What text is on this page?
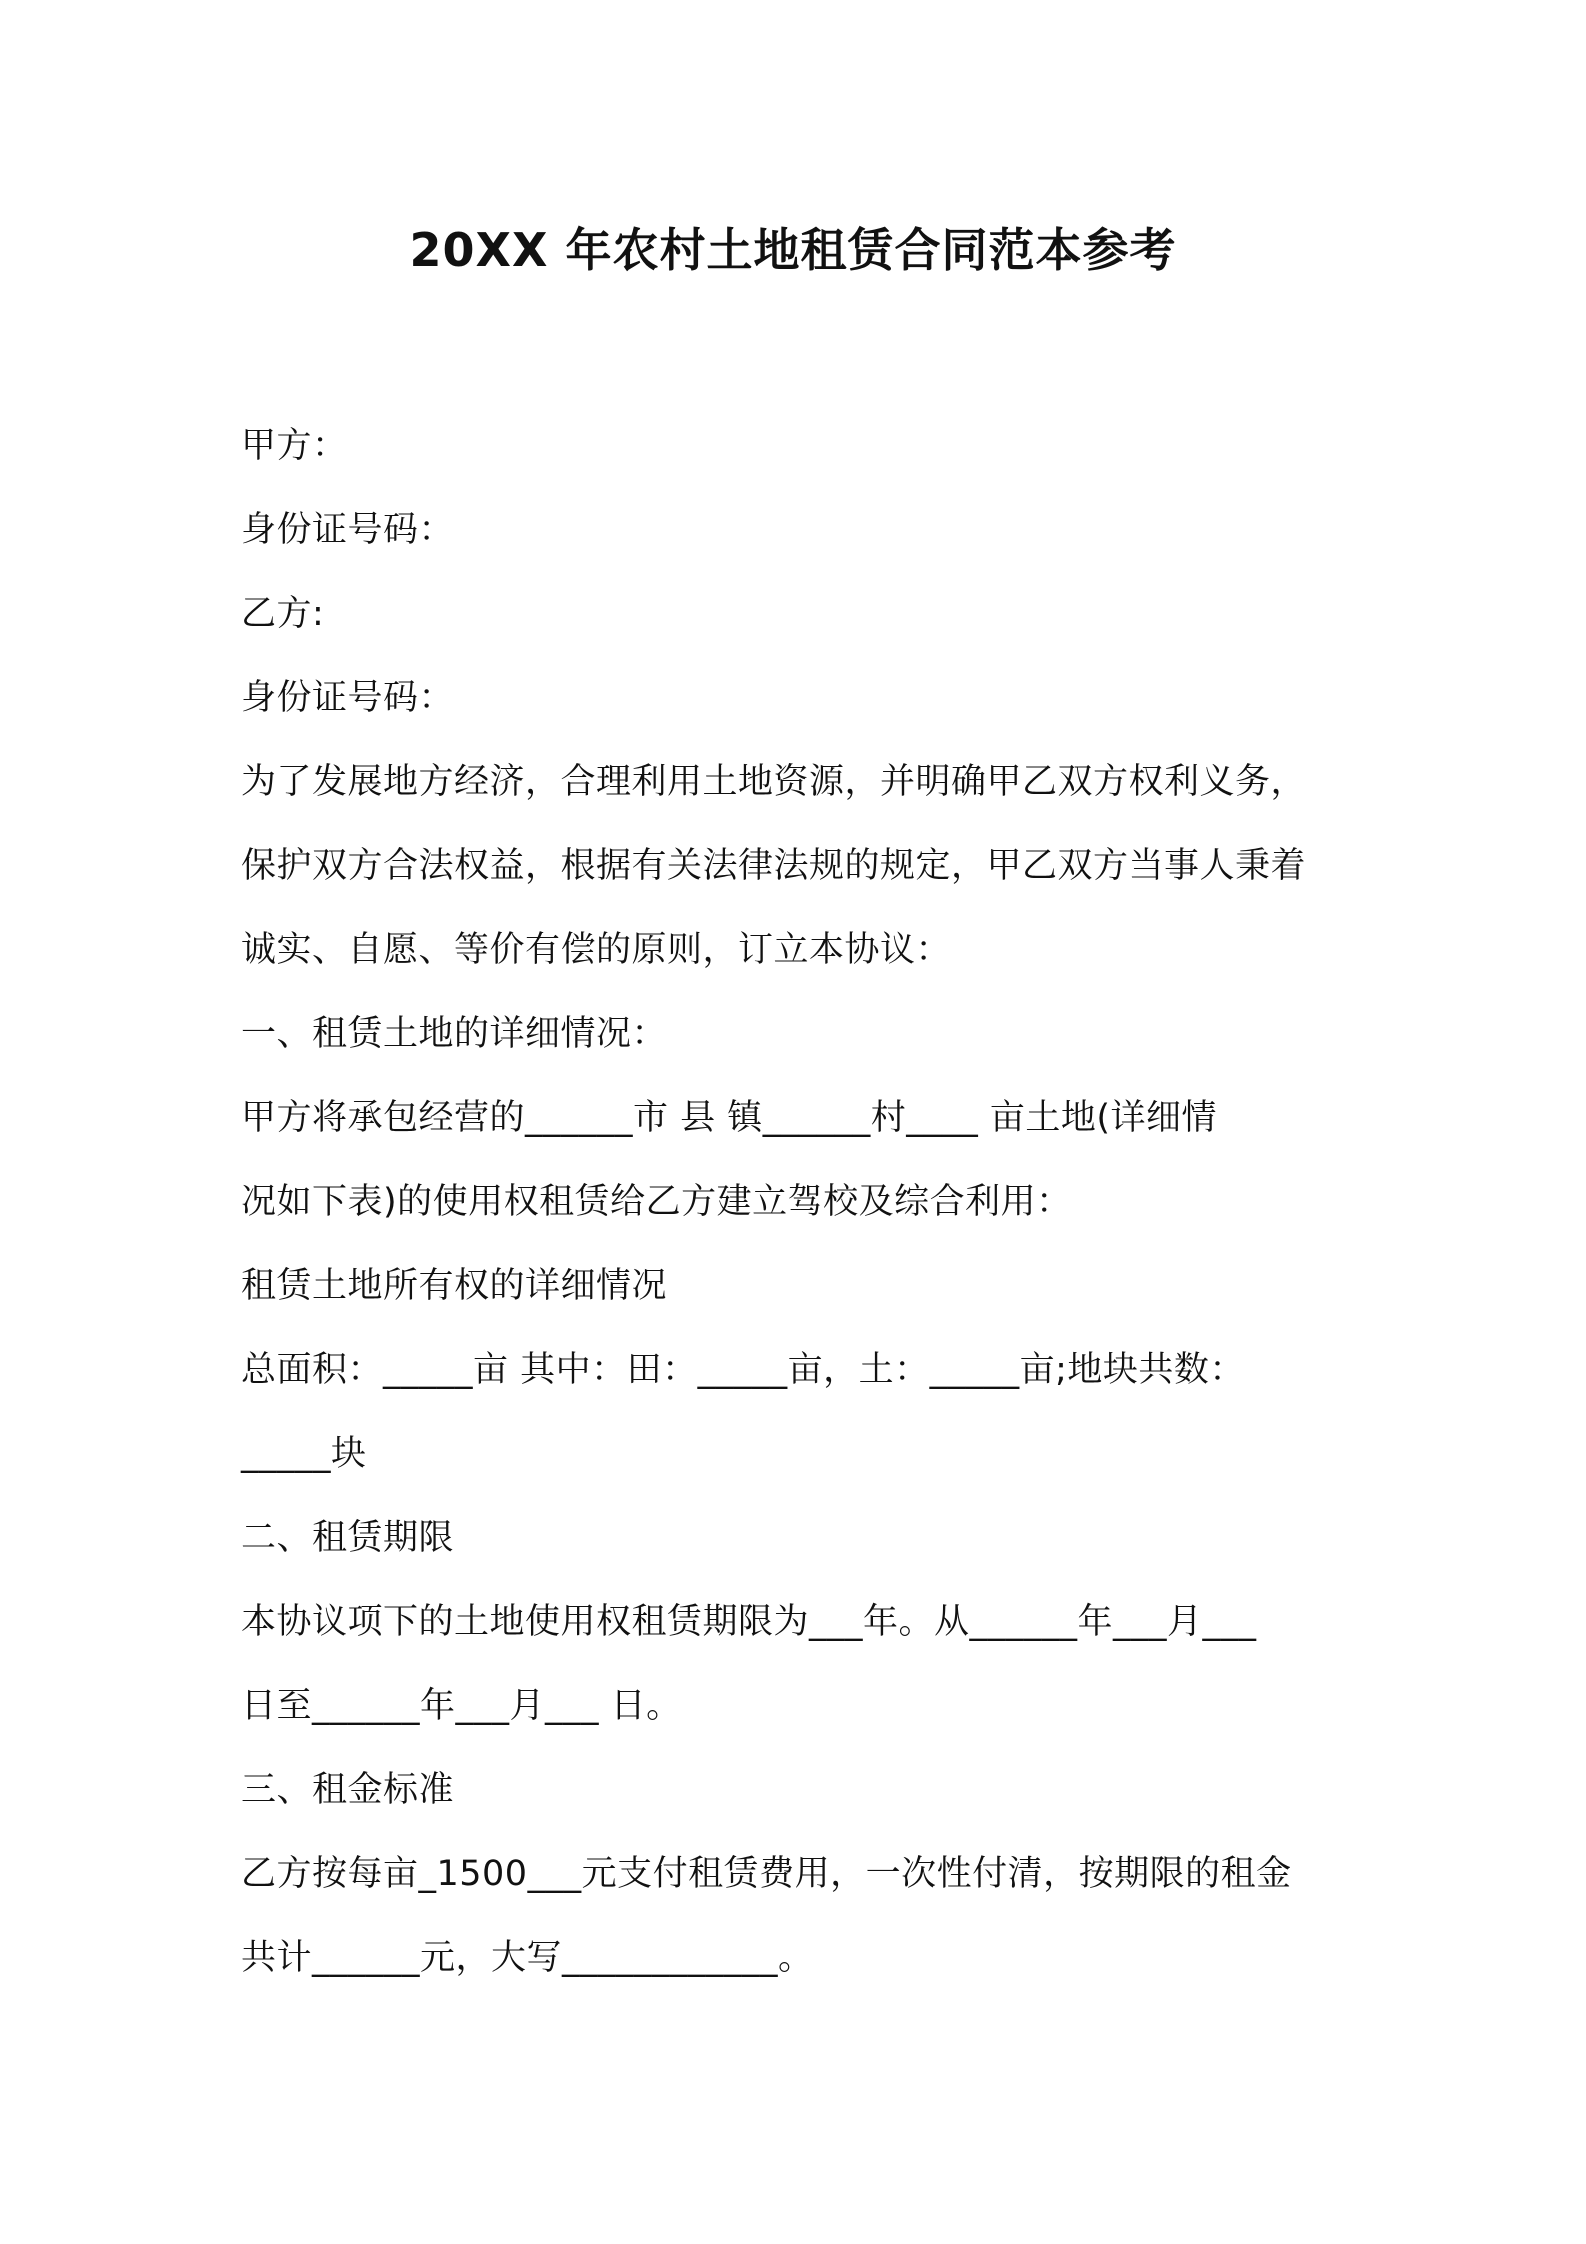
20XX 年农村土地租赁合同范本参考
甲方：
身份证号码：
乙方:
身份证号码：
为了发展地方经济，合理利用土地资源，并明确甲乙双方权利义务，
保护双方合法权益，根据有关法律法规的规定，甲乙双方当事人秉着
诚实、自愿、等价有偿的原则，订立本协议：
一、租赁土地的详细情况：
甲方将承包经营的______市 县 镇______村____ 亩土地(详细情
况如下表)的使用权租赁给乙方建立驾校及综合利用：
租赁土地所有权的详细情况
总面积：_____亩 其中：田：_____亩，土：_____亩;地块共数：
_____块
二、租赁期限
本协议项下的土地使用权租赁期限为___年。从______年___月___
日至______年___月___ 日。
三、租金标准
乙方按每亩_1500___元支付租赁费用，一次性付清，按期限的租金
共计______元，大写____________。
